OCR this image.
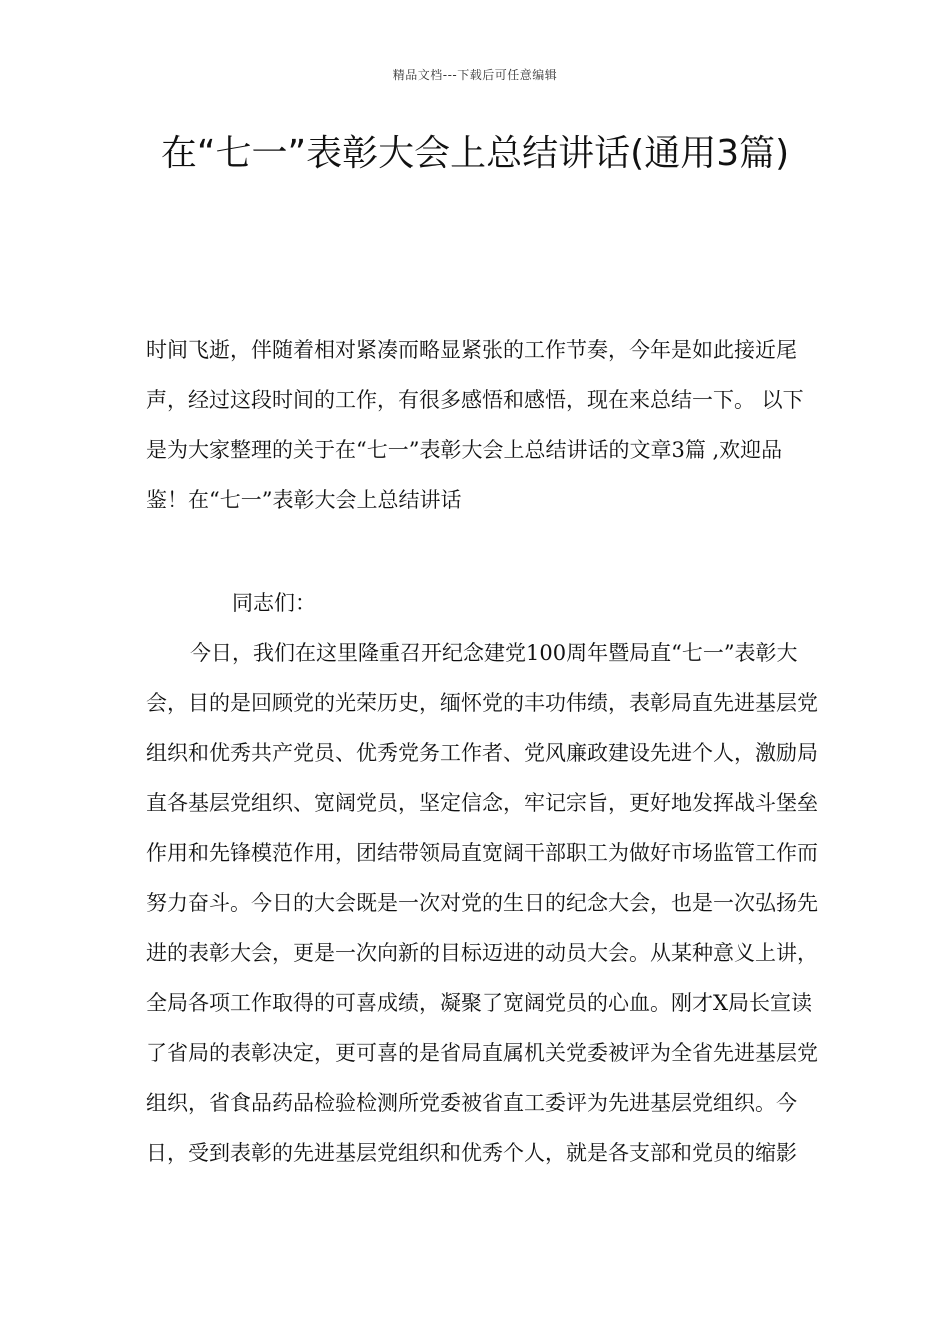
精品文档---下载后可任意编辑
在“七一”表彰大会上总结讲话(通用3篇)

时间飞逝，伴随着相对紧凑而略显紧张的工作节奏，今年是如此接近尾声，经过这段时间的工作，有很多感悟和感悟，现在来总结一下。 以下是为大家整理的关于在“七一”表彰大会上总结讲话的文章3篇 ,欢迎品鉴！在“七一”表彰大会上总结讲话

同志们：

今日，我们在这里隆重召开纪念建党100周年暨局直“七一”表彰大会，目的是回顾党的光荣历史，缅怀党的丰功伟绩，表彰局直先进基层党组织和优秀共产党员、优秀党务工作者、党风廉政建设先进个人，激励局直各基层党组织、宽阔党员，坚定信念，牢记宗旨，更好地发挥战斗堡垒作用和先锋模范作用，团结带领局直宽阔干部职工为做好市场监管工作而努力奋斗。今日的大会既是一次对党的生日的纪念大会，也是一次弘扬先进的表彰大会，更是一次向新的目标迈进的动员大会。从某种意义上讲，全局各项工作取得的可喜成绩，凝聚了宽阔党员的心血。刚才X局长宣读了省局的表彰决定，更可喜的是省局直属机关党委被评为全省先进基层党组织，省食品药品检验检测所党委被省直工委评为先进基层党组织。今日，受到表彰的先进基层党组织和优秀个人，就是各支部和党员的缩影
